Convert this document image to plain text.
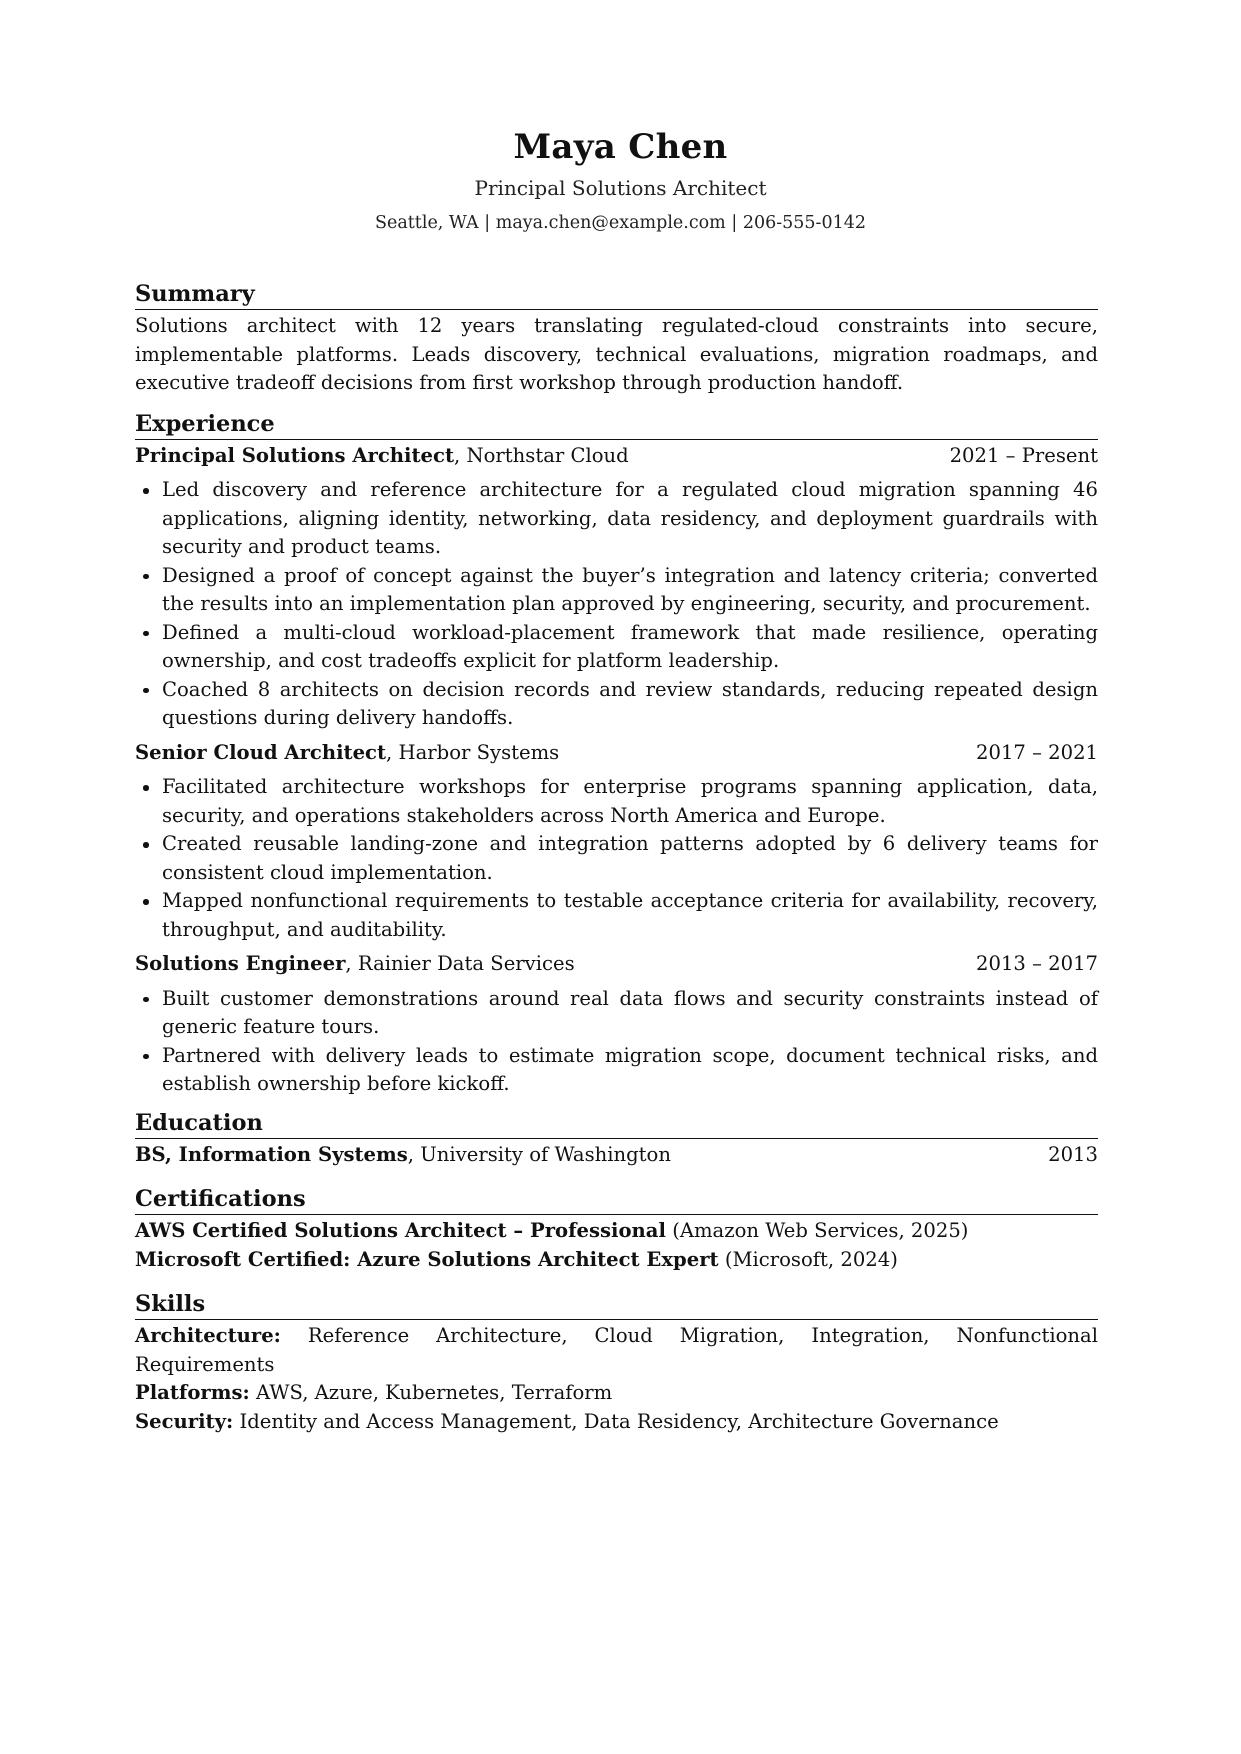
Maya Chen
Principal Solutions Architect
Seattle, WA | maya.chen@example.com | 206-555-0142
Summary
Solutions architect with 12 years translating regulated-cloud constraints into secure, implementable platforms. Leads discovery, technical evaluations, migration roadmaps, and executive tradeoff decisions from first workshop through production handoff.
Experience
Principal Solutions Architect, Northstar Cloud	2021 – Present
Led discovery and reference architecture for a regulated cloud migration spanning 46 applications, aligning identity, networking, data residency, and deployment guardrails with security and product teams.
Designed a proof of concept against the buyer’s integration and latency criteria; converted the results into an implementation plan approved by engineering, security, and procurement.
Defined a multi-cloud workload-placement framework that made resilience, operating ownership, and cost tradeoffs explicit for platform leadership.
Coached 8 architects on decision records and review standards, reducing repeated design questions during delivery handoffs.
Senior Cloud Architect, Harbor Systems	2017 – 2021
Facilitated architecture workshops for enterprise programs spanning application, data, security, and operations stakeholders across North America and Europe.
Created reusable landing-zone and integration patterns adopted by 6 delivery teams for consistent cloud implementation.
Mapped nonfunctional requirements to testable acceptance criteria for availability, recovery, throughput, and auditability.
Solutions Engineer, Rainier Data Services	2013 – 2017
Built customer demonstrations around real data flows and security constraints instead of generic feature tours.
Partnered with delivery leads to estimate migration scope, document technical risks, and establish ownership before kickoff.
Education
BS, Information Systems, University of Washington	2013
Certifications
AWS Certified Solutions Architect – Professional (Amazon Web Services, 2025)
Microsoft Certified: Azure Solutions Architect Expert (Microsoft, 2024)
Skills
Architecture: Reference Architecture, Cloud Migration, Integration, Nonfunctional Requirements
Platforms: AWS, Azure, Kubernetes, Terraform
Security: Identity and Access Management, Data Residency, Architecture Governance
